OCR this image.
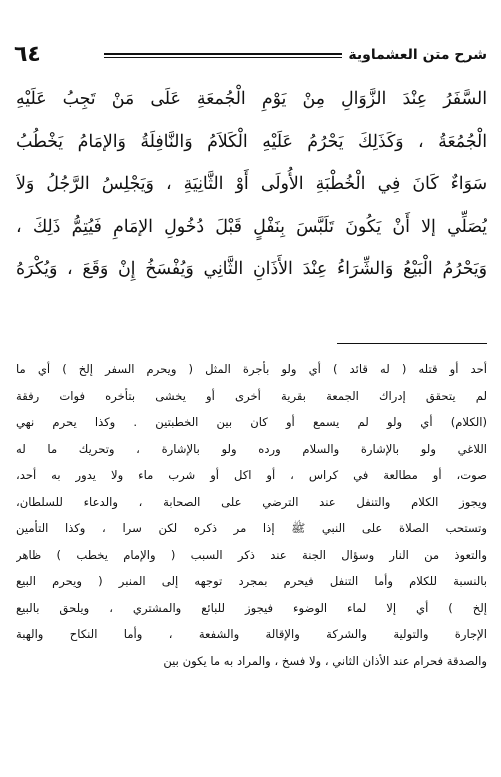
٦٤	شرح متن العشماوية
السَّفَرُ عِنْدَ الزَّوَالِ مِنْ يَوْمِ الْجُمعَةِ عَلَى مَنْ تَجِبُ عَلَيْهِ
الْجُمُعَةُ ، وَكَذَلِكَ يَحْرُمُ عَلَيْهِ الْكَلاَمُ وَالنَّافِلَةُ وَالإمَامُ يَخْطُبُ
سَوَاءٌ كَانَ فِي الْخُطْبَةِ الأُولَى أَوْ الثَّانِيَةِ ، وَيَجْلِسُ الرَّجُلُ وَلاَ
يُصَلِّي إلا أَنْ يَكُونَ تَلَبَّسَ بِنَفْلٍ قَبْلَ دُخُولِ الإمَامِ فَيُتِمُّ ذَلِكَ ،
وَيَحْرُمُ الْبَيْعُ وَالشِّرَاءُ عِنْدَ الأَذَانِ الثَّانِي وَيُفْسَخُ إِنْ وَقَعَ ، وَيُكْرَهُ
أحد أو قتله ( له قائد ) أي ولو بأجرة المثل ( ويحرم السفر إلخ ) أي ما
لم يتحقق إدراك الجمعة بقرية أخرى أو يخشى بتأخره فوات رفقة
(الكلام) أي ولو لم يسمع أو كان بين الخطبتين . وكذا يحرم نهي
اللاغي ولو بالإشارة والسلام ورده ولو بالإشارة ، وتحريك ما له
صوت، أو مطالعة في كراس ، أو اكل أو شرب ماء ولا يدور به أحد،
ويجوز الكلام والتنفل عند الترضي على الصحابة ، والدعاء للسلطان،
وتستحب الصلاة على النبي ﷺ إذا مر ذكره لكن سرا ، وكذا التأمين
والتعوذ من النار وسؤال الجنة عند ذكر السبب ( والإمام يخطب ) ظاهر
بالنسبة للكلام وأما التنفل فيحرم بمجرد توجهه إلى المنبر ( ويحرم البيع
إلخ ) أي إلا لماء الوضوء فيجوز للبائع والمشتري ، ويلحق بالبيع
الإجارة والتولية والشركة والإقالة والشفعة ، وأما النكاح والهبة
والصدقة فحرام عند الأذان الثاني ، ولا فسخ ، والمراد به ما يكون بين
